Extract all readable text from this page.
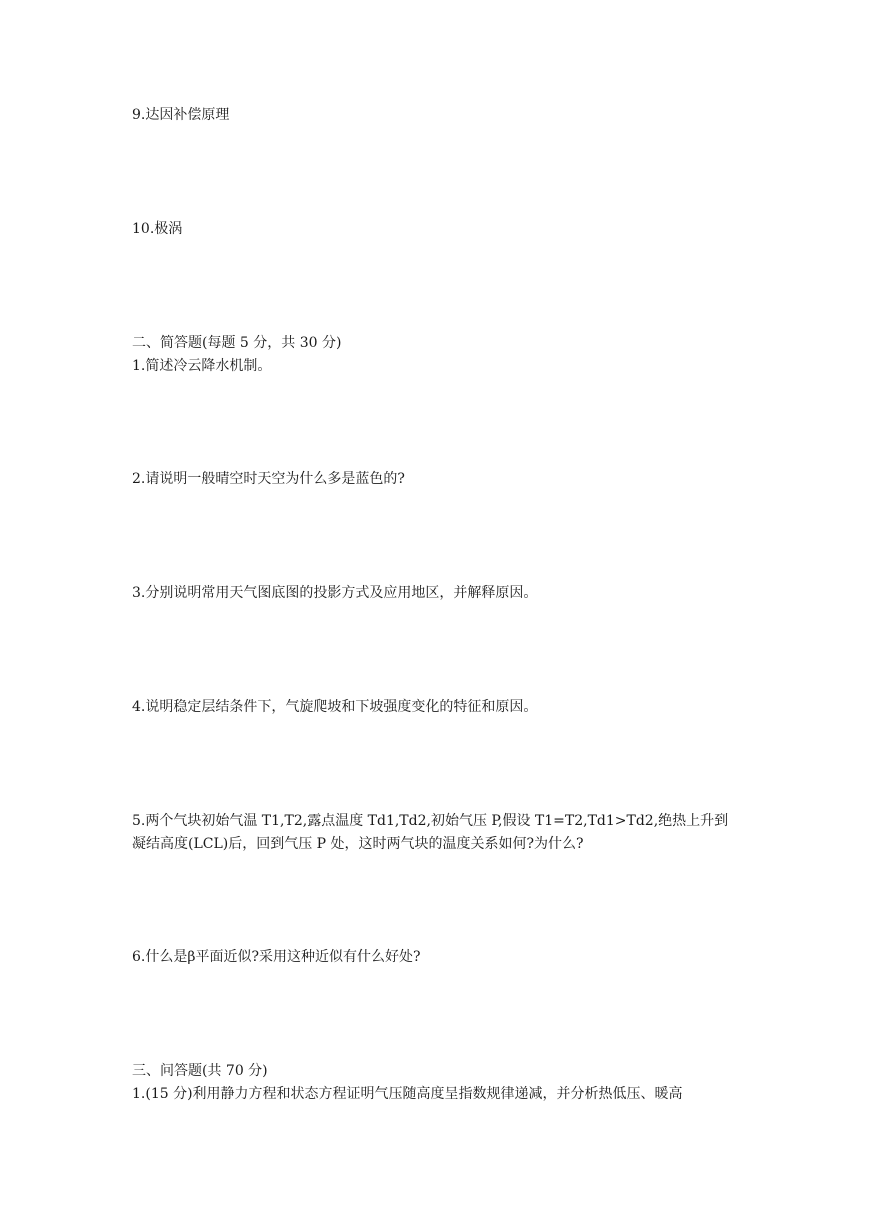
9.达因补偿原理
10.极涡
二、简答题(每题 5 分，共 30 分)
1.简述冷云降水机制。
2.请说明一般晴空时天空为什么多是蓝色的?
3.分别说明常用天气图底图的投影方式及应用地区，并解释原因。
4.说明稳定层结条件下，气旋爬坡和下坡强度变化的特征和原因。
5.两个气块初始气温 T1,T2,露点温度 Td1,Td2,初始气压 P,假设 T1=T2,Td1>Td2,绝热上升到
凝结高度(LCL)后，回到气压 P 处，这时两气块的温度关系如何?为什么?
6.什么是β平面近似?采用这种近似有什么好处?
三、问答题(共 70 分)
1.(15 分)利用静力方程和状态方程证明气压随高度呈指数规律递减，并分析热低压、暖高
